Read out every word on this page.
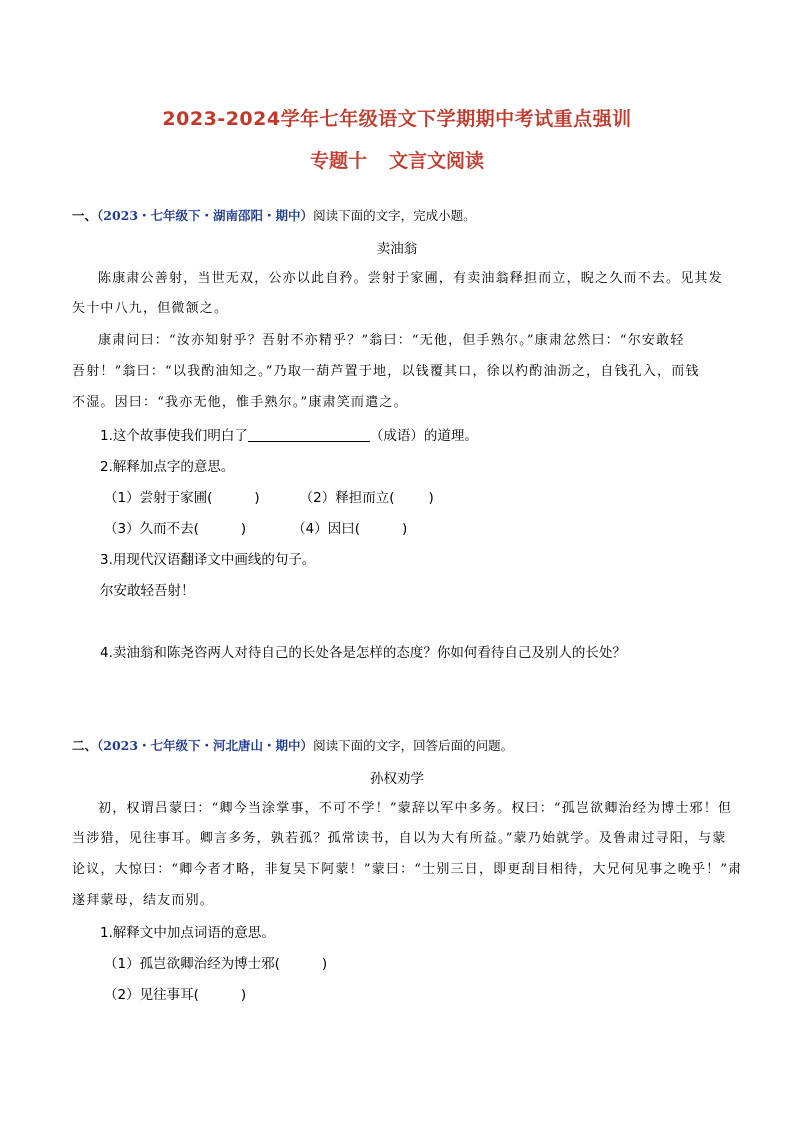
2023-2024学年七年级语文下学期期中考试重点强训
专题十 文言文阅读
一、（2023・七年级下・湖南邵阳・期中）阅读下面的文字，完成小题。
卖油翁
陈康肃公善射，当世无双，公亦以此自矜。尝射于家圃，有卖油翁释担而立，睨之久而不去。见其发
矢十中八九，但微颔之。
康肃问曰：“汝亦知射乎？吾射不亦精乎？”翁曰：“无他，但手熟尔。”康肃忿然曰：“尔安敢轻
吾射！”翁曰：“以我酌油知之。”乃取一葫芦置于地，以钱覆其口，徐以杓酌油沥之，自钱孔入，而钱
不湿。因曰：“我亦无他，惟手熟尔。”康肃笑而遣之。
1.这个故事使我们明白了	（成语）的道理。
2.解释加点字的意思。
（1）尝射于家圃(	)	（2）释担而立(	)
（3）久而不去(	)	（4）因曰(	)
3.用现代汉语翻译文中画线的句子。
尔安敢轻吾射！
4.卖油翁和陈尧咨两人对待自己的长处各是怎样的态度？你如何看待自己及别人的长处？
二、（2023・七年级下・河北唐山・期中）阅读下面的文字，回答后面的问题。
孙权劝学
初，权谓吕蒙曰：“卿今当涂掌事，不可不学！”蒙辞以军中多务。权曰：“孤岂欲卿治经为博士邪！但
当涉猎，见往事耳。卿言多务，孰若孤？孤常读书，自以为大有所益。”蒙乃始就学。及鲁肃过寻阳，与蒙
论议，大惊曰：“卿今者才略，非复吴下阿蒙！”蒙曰：“士别三日，即更刮目相待，大兄何见事之晚乎！”肃
遂拜蒙母，结友而别。
1.解释文中加点词语的意思。
（1）孤岂欲卿治经为博士邪(	)
（2）见往事耳(	)
